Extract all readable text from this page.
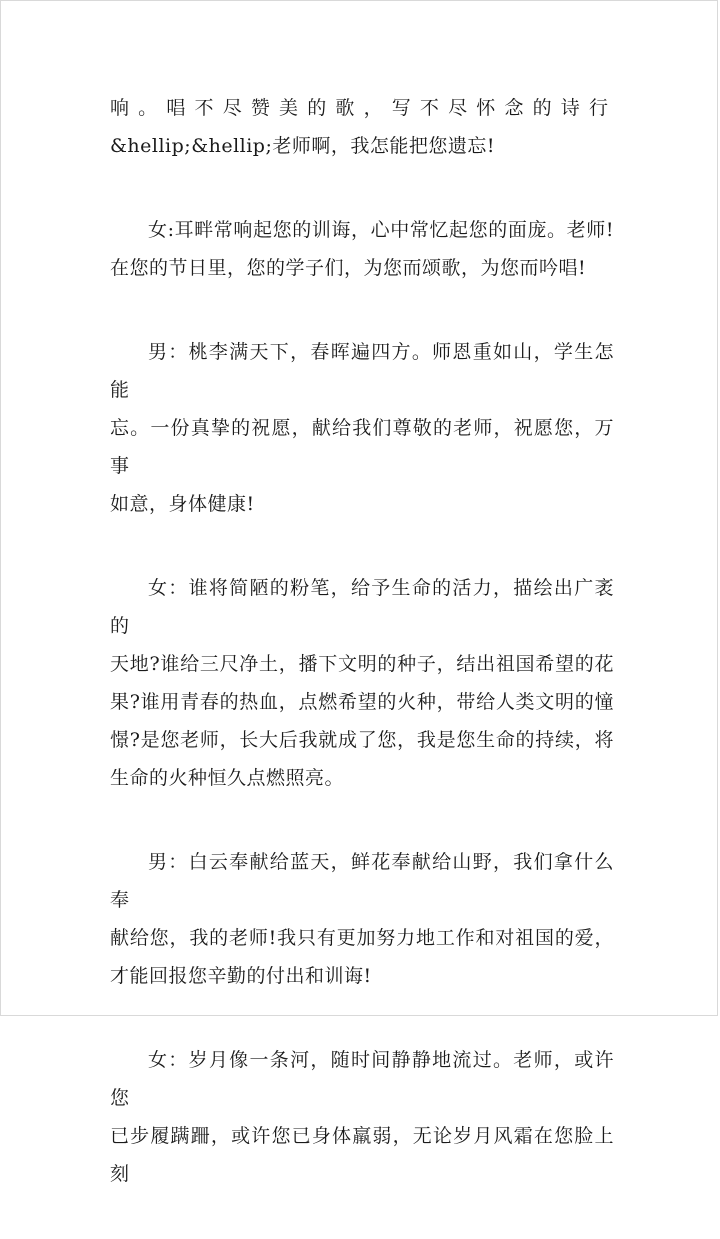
响。唱不尽赞美的歌，写不尽怀念的诗行
&hellip;&hellip;老师啊，我怎能把您遗忘!
女:耳畔常响起您的训诲，心中常忆起您的面庞。老师!
在您的节日里，您的学子们，为您而颂歌，为您而吟唱!
男：桃李满天下，春晖遍四方。师恩重如山，学生怎能
忘。一份真挚的祝愿，献给我们尊敬的老师，祝愿您，万事
如意，身体健康!
女：谁将简陋的粉笔，给予生命的活力，描绘出广袤的
天地?谁给三尺净土，播下文明的种子，结出祖国希望的花
果?谁用青春的热血，点燃希望的火种，带给人类文明的憧
憬?是您老师，长大后我就成了您，我是您生命的持续，将
生命的火种恒久点燃照亮。
男：白云奉献给蓝天，鲜花奉献给山野，我们拿什么奉
献给您，我的老师!我只有更加努力地工作和对祖国的爱，
才能回报您辛勤的付出和训诲!
女：岁月像一条河，随时间静静地流过。老师，或许您
已步履蹒跚，或许您已身体羸弱，无论岁月风霜在您脸上刻
